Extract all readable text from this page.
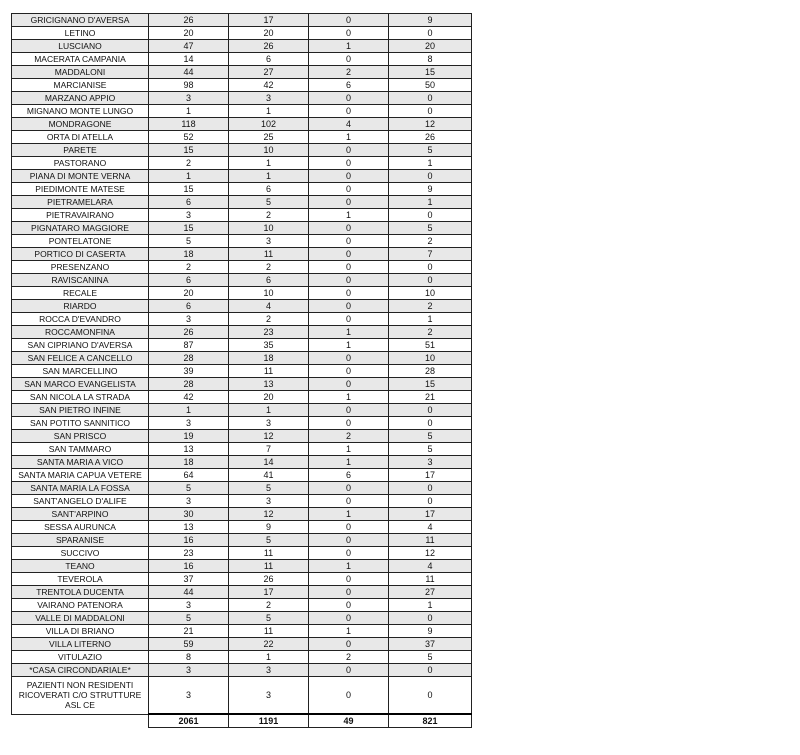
GRICIGNANO D'AVERSA	26	17	0	9
LETINO	20	20	0	0
LUSCIANO	47	26	1	20
MACERATA CAMPANIA	14	6	0	8
MADDALONI	44	27	2	15
MARCIANISE	98	42	6	50
MARZANO APPIO	3	3	0	0
MIGNANO MONTE LUNGO	1	1	0	0
MONDRAGONE	118	102	4	12
ORTA DI ATELLA	52	25	1	26
PARETE	15	10	0	5
PASTORANO	2	1	0	1
PIANA DI MONTE VERNA	1	1	0	0
PIEDIMONTE MATESE	15	6	0	9
PIETRAMELARA	6	5	0	1
PIETRAVAIRANO	3	2	1	0
PIGNATARO MAGGIORE	15	10	0	5
PONTELATONE	5	3	0	2
PORTICO DI CASERTA	18	11	0	7
PRESENZANO	2	2	0	0
RAVISCANINA	6	6	0	0
RECALE	20	10	0	10
RIARDO	6	4	0	2
ROCCA D'EVANDRO	3	2	0	1
ROCCAMONFINA	26	23	1	2
SAN CIPRIANO D'AVERSA	87	35	1	51
SAN FELICE A CANCELLO	28	18	0	10
SAN MARCELLINO	39	11	0	28
SAN MARCO EVANGELISTA	28	13	0	15
SAN NICOLA LA STRADA	42	20	1	21
SAN PIETRO INFINE	1	1	0	0
SAN POTITO SANNITICO	3	3	0	0
SAN PRISCO	19	12	2	5
SAN TAMMARO	13	7	1	5
SANTA MARIA A VICO	18	14	1	3
SANTA MARIA CAPUA VETERE	64	41	6	17
SANTA MARIA LA FOSSA	5	5	0	0
SANT'ANGELO D'ALIFE	3	3	0	0
SANT'ARPINO	30	12	1	17
SESSA AURUNCA	13	9	0	4
SPARANISE	16	5	0	11
SUCCIVO	23	11	0	12
TEANO	16	11	1	4
TEVEROLA	37	26	0	11
TRENTOLA DUCENTA	44	17	0	27
VAIRANO PATENORA	3	2	0	1
VALLE DI MADDALONI	5	5	0	0
VILLA DI BRIANO	21	11	1	9
VILLA LITERNO	59	22	0	37
VITULAZIO	8	1	2	5
*CASA CIRCONDARIALE*	3	3	0	0
PAZIENTI NON RESIDENTI RICOVERATI C/O STRUTTURE ASL CE	3	3	0	0
	2061	1191	49	821
